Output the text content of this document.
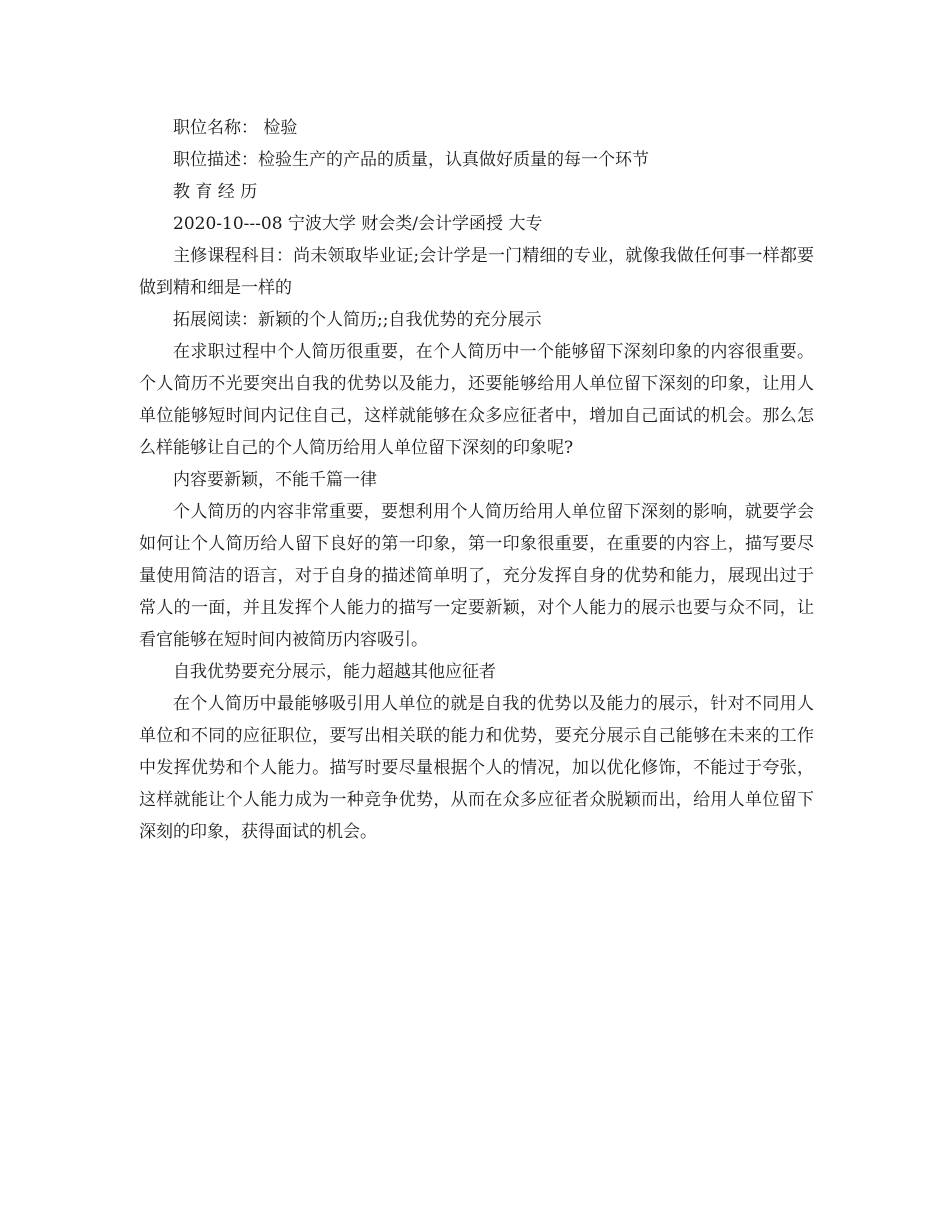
职位名称： 检验

职位描述：检验生产的产品的质量，认真做好质量的每一个环节

教 育 经 历

2020-10---08 宁波大学 财会类/会计学函授 大专

主修课程科目：尚未领取毕业证;会计学是一门精细的专业，就像我做任何事一样都要做到精和细是一样的

拓展阅读：新颖的个人简历;;自我优势的充分展示

在求职过程中个人简历很重要，在个人简历中一个能够留下深刻印象的内容很重要。个人简历不光要突出自我的优势以及能力，还要能够给用人单位留下深刻的印象，让用人单位能够短时间内记住自己，这样就能够在众多应征者中，增加自己面试的机会。那么怎么样能够让自己的个人简历给用人单位留下深刻的印象呢?

内容要新颖，不能千篇一律

个人简历的内容非常重要，要想利用个人简历给用人单位留下深刻的影响，就要学会如何让个人简历给人留下良好的第一印象，第一印象很重要，在重要的内容上，描写要尽量使用简洁的语言，对于自身的描述简单明了，充分发挥自身的优势和能力，展现出过于常人的一面，并且发挥个人能力的描写一定要新颖，对个人能力的展示也要与众不同，让看官能够在短时间内被简历内容吸引。

自我优势要充分展示，能力超越其他应征者

在个人简历中最能够吸引用人单位的就是自我的优势以及能力的展示，针对不同用人单位和不同的应征职位，要写出相关联的能力和优势，要充分展示自己能够在未来的工作中发挥优势和个人能力。描写时要尽量根据个人的情况，加以优化修饰，不能过于夸张，这样就能让个人能力成为一种竞争优势，从而在众多应征者众脱颖而出，给用人单位留下深刻的印象，获得面试的机会。
